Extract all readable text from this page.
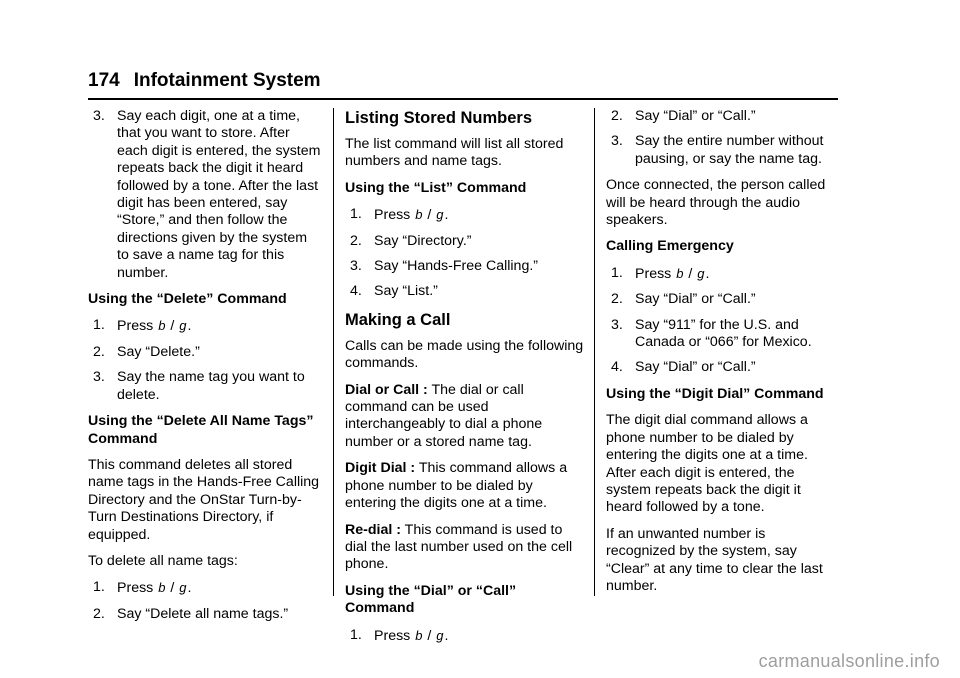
174 Infotainment System
3. Say each digit, one at a time, that you want to store. After each digit is entered, the system repeats back the digit it heard followed by a tone. After the last digit has been entered, say “Store,” and then follow the directions given by the system to save a name tag for this number.
Using the “Delete” Command
1. Press b / g.
2. Say “Delete.”
3. Say the name tag you want to delete.
Using the “Delete All Name Tags” Command

This command deletes all stored name tags in the Hands-Free Calling Directory and the OnStar Turn-by-Turn Destinations Directory, if equipped.

To delete all name tags:

1. Press b / g.
2. Say “Delete all name tags.”
Listing Stored Numbers

The list command will list all stored numbers and name tags.

Using the “List” Command
1. Press b / g.
2. Say “Directory.”
3. Say “Hands-Free Calling.”
4. Say “List.”
Making a Call

Calls can be made using the following commands.

Dial or Call : The dial or call command can be used interchangeably to dial a phone number or a stored name tag.

Digit Dial : This command allows a phone number to be dialed by entering the digits one at a time.

Re-dial : This command is used to dial the last number used on the cell phone.

Using the “Dial” or “Call” Command
1. Press b / g.
2. Say “Dial” or “Call.”
3. Say the entire number without pausing, or say the name tag.

Once connected, the person called will be heard through the audio speakers.

Calling Emergency
1. Press b / g.
2. Say “Dial” or “Call.”
3. Say “911” for the U.S. and Canada or “066” for Mexico.
4. Say “Dial” or “Call.”
Using the “Digit Dial” Command

The digit dial command allows a phone number to be dialed by entering the digits one at a time. After each digit is entered, the system repeats back the digit it heard followed by a tone.

If an unwanted number is recognized by the system, say “Clear” at any time to clear the last number.

carmanualsonline.info
